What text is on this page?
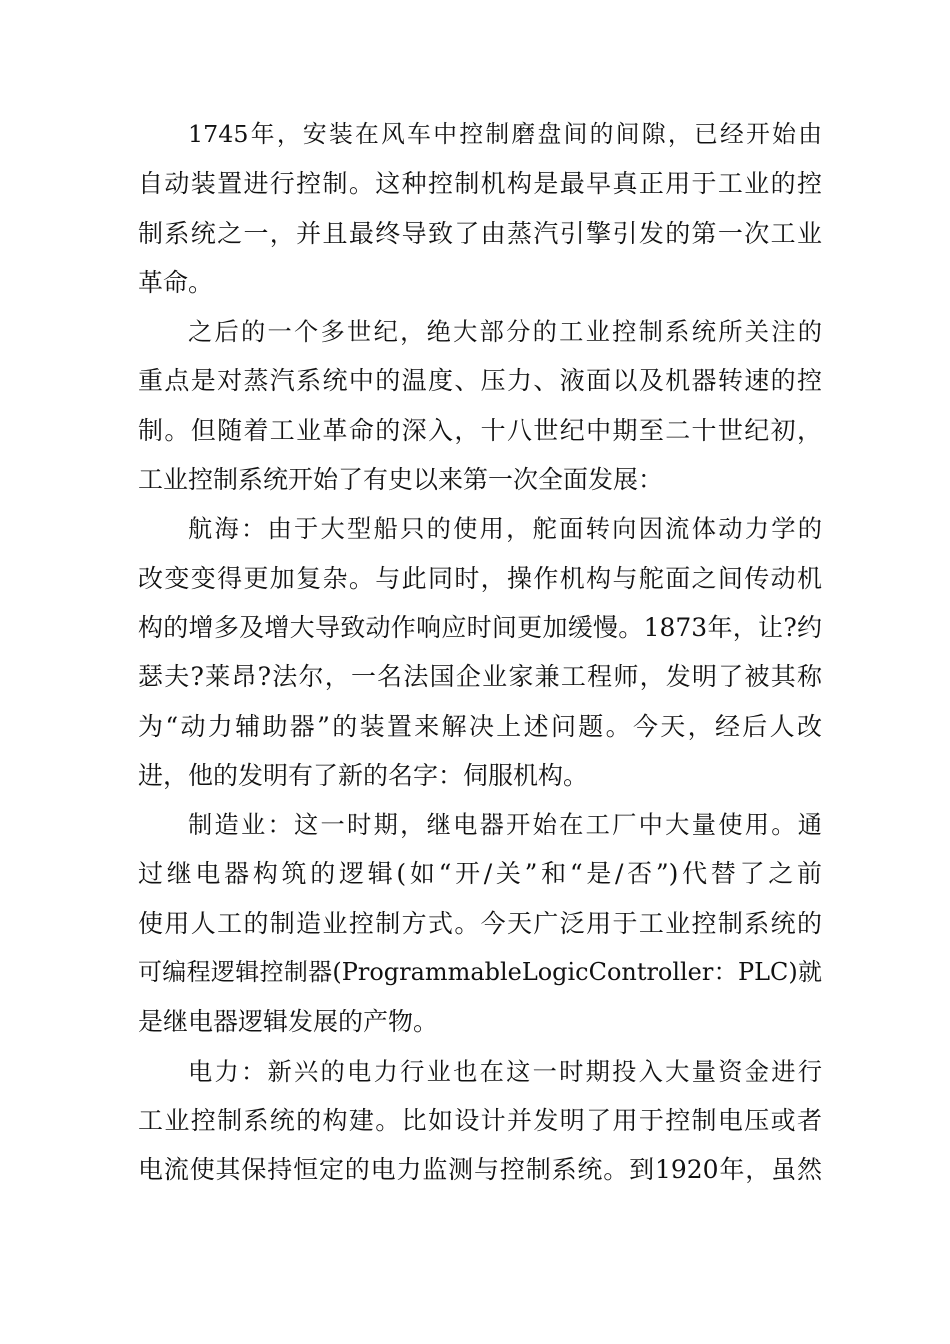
1745年，安装在风车中控制磨盘间的间隙，已经开始由
自动装置进行控制。这种控制机构是最早真正用于工业的控
制系统之一，并且最终导致了由蒸汽引擎引发的第一次工业
革命。
之后的一个多世纪，绝大部分的工业控制系统所关注的
重点是对蒸汽系统中的温度、压力、液面以及机器转速的控
制。但随着工业革命的深入，十八世纪中期至二十世纪初，
工业控制系统开始了有史以来第一次全面发展：
航海：由于大型船只的使用，舵面转向因流体动力学的
改变变得更加复杂。与此同时，操作机构与舵面之间传动机
构的增多及增大导致动作响应时间更加缓慢。1873年，让?约
瑟夫?莱昂?法尔，一名法国企业家兼工程师，发明了被其称
为“动力辅助器”的装置来解决上述问题。今天，经后人改
进，他的发明有了新的名字：伺服机构。
制造业：这一时期，继电器开始在工厂中大量使用。通
过继电器构筑的逻辑(如“开/关”和“是/否”)代替了之前
使用人工的制造业控制方式。今天广泛用于工业控制系统的
可编程逻辑控制器(ProgrammableLogicController：PLC)就
是继电器逻辑发展的产物。
电力：新兴的电力行业也在这一时期投入大量资金进行
工业控制系统的构建。比如设计并发明了用于控制电压或者
电流使其保持恒定的电力监测与控制系统。到1920年，虽然
